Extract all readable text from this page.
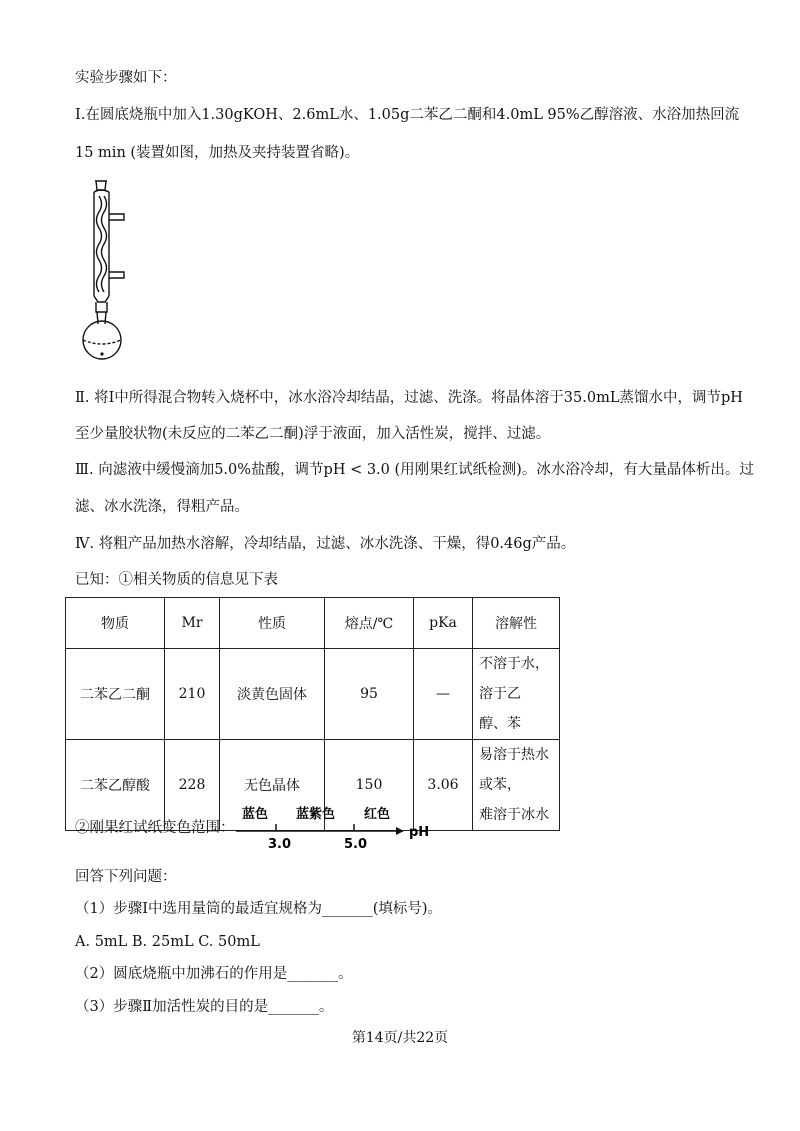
实验步骤如下：
Ⅰ.在圆底烧瓶中加入1.30gKOH、2.6mL水、1.05g二苯乙二酮和4.0mL 95%乙醇溶液、水浴加热回流
15 min (装置如图，加热及夹持装置省略)。
Ⅱ. 将Ⅰ中所得混合物转入烧杯中，冰水浴冷却结晶，过滤、洗涤。将晶体溶于35.0mL蒸馏水中，调节pH
至少量胶状物(未反应的二苯乙二酮)浮于液面，加入活性炭，搅拌、过滤。
Ⅲ. 向滤液中缓慢滴加5.0%盐酸，调节pH < 3.0 (用刚果红试纸检测)。冰水浴冷却，有大量晶体析出。过
滤、冰水洗涤，得粗产品。
Ⅳ. 将粗产品加热水溶解，冷却结晶，过滤、冰水洗涤、干燥，得0.46g产品。
已知：①相关物质的信息见下表
物质	Mr	性质	熔点/℃	pKa	溶解性
二苯乙二酮	210	淡黄色固体	95	—	不溶于水，溶于乙
醇、苯

二苯乙醇酸	228	无色晶体	150	3.06	易溶于热水或苯，
难溶于冰水
②刚果红试纸变色范围：
蓝色 蓝紫色 红色
3.0	5.0
pH
回答下列问题：
（1）步骤Ⅰ中选用量筒的最适宜规格为_______(填标号)。
A. 5mL B. 25mL C. 50mL
（2）圆底烧瓶中加沸石的作用是_______。
（3）步骤Ⅱ加活性炭的目的是_______。
第14页/共22页
